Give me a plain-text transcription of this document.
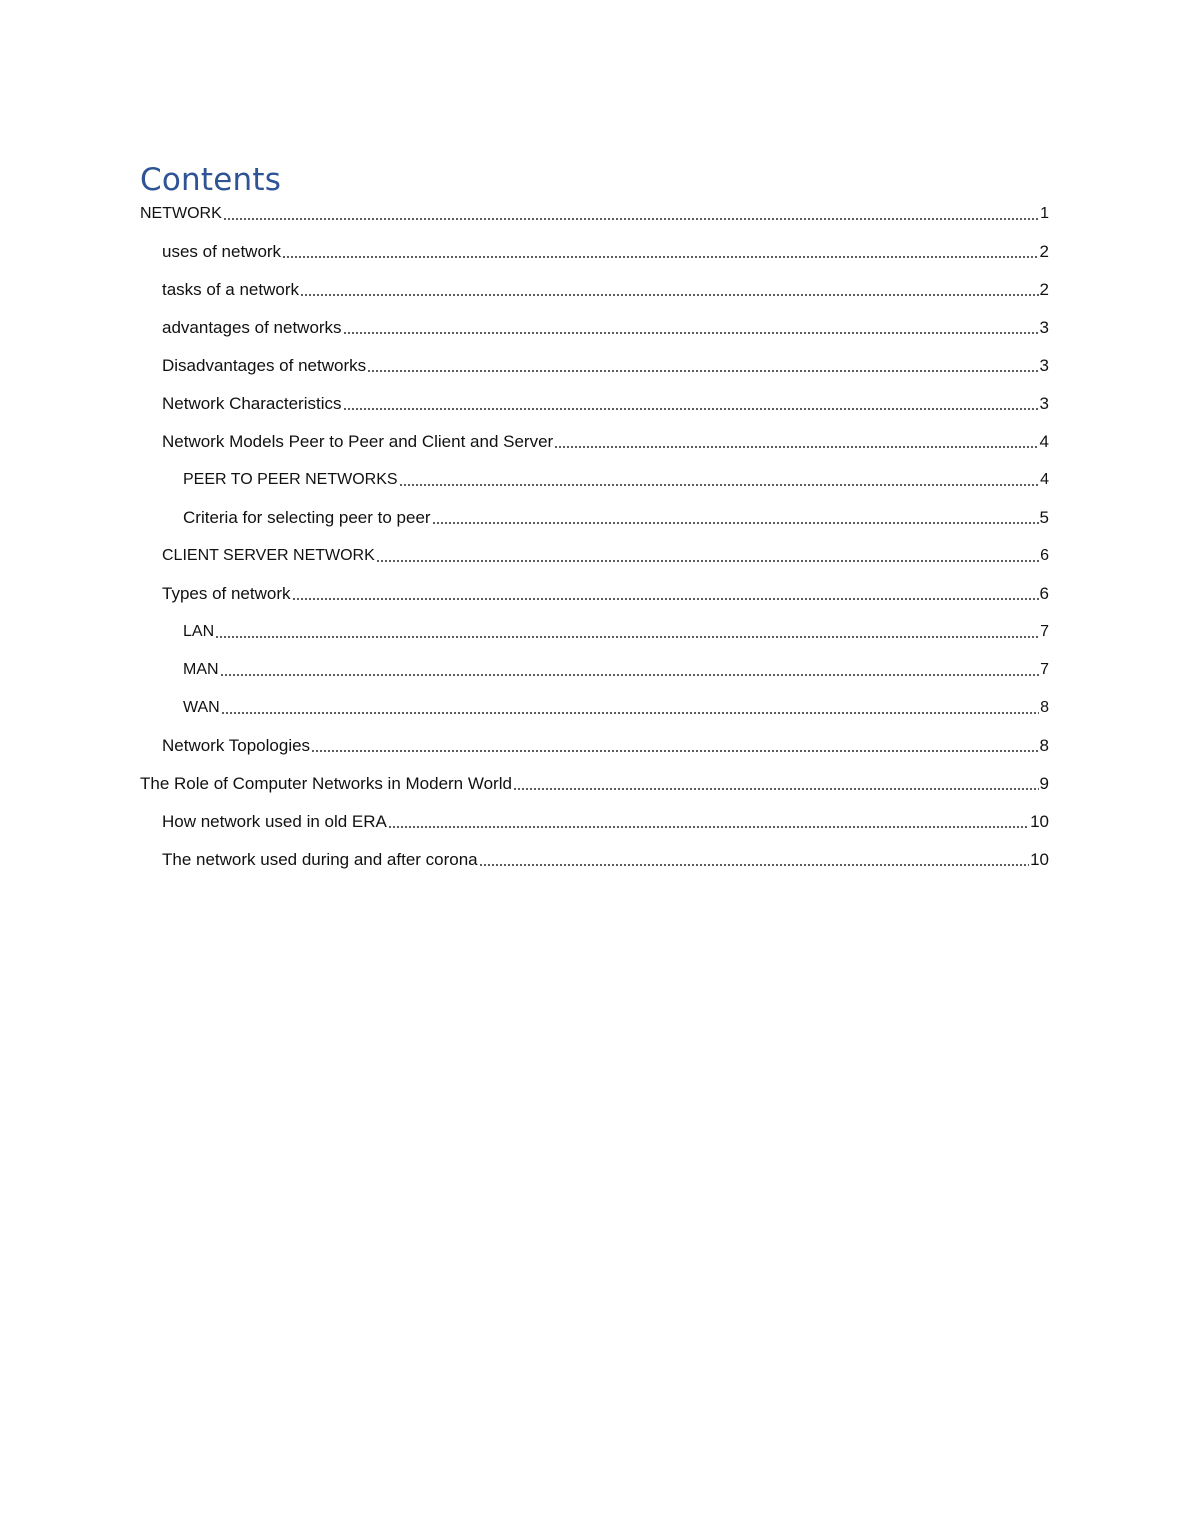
Contents
NETWORK	1
uses of network	2
tasks of a network	2
advantages of networks	3
Disadvantages of networks	3
Network Characteristics	3
Network Models Peer to Peer and Client and Server	4
PEER TO PEER NETWORKS	4
Criteria for selecting peer to peer	5
CLIENT SERVER NETWORK	6
Types of network	6
LAN	7
MAN	7
WAN	8
Network Topologies	8
The Role of Computer Networks in Modern World	9
How network used in old ERA	10
The network used during and after corona	10
